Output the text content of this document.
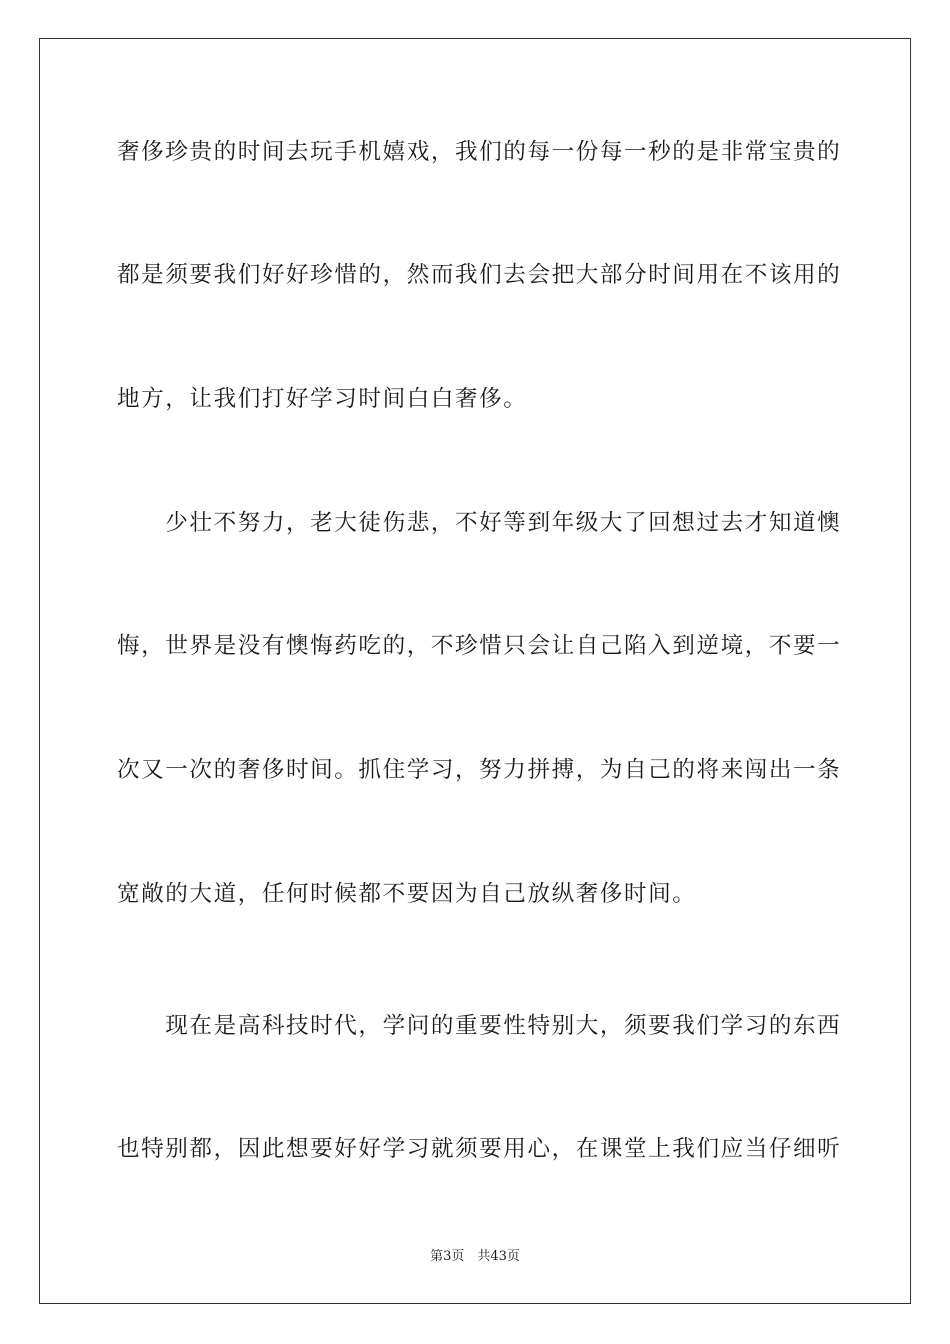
奢侈珍贵的时间去玩手机嬉戏，我们的每一份每一秒的是非常宝贵的
都是须要我们好好珍惜的，然而我们去会把大部分时间用在不该用的
地方，让我们打好学习时间白白奢侈。
　　少壮不努力，老大徒伤悲，不好等到年级大了回想过去才知道懊
悔，世界是没有懊悔药吃的，不珍惜只会让自己陷入到逆境，不要一
次又一次的奢侈时间。抓住学习，努力拼搏，为自己的将来闯出一条
宽敞的大道，任何时候都不要因为自己放纵奢侈时间。
　　现在是高科技时代，学问的重要性特别大，须要我们学习的东西
也特别都，因此想要好好学习就须要用心，在课堂上我们应当仔细听
第3页　共43页
